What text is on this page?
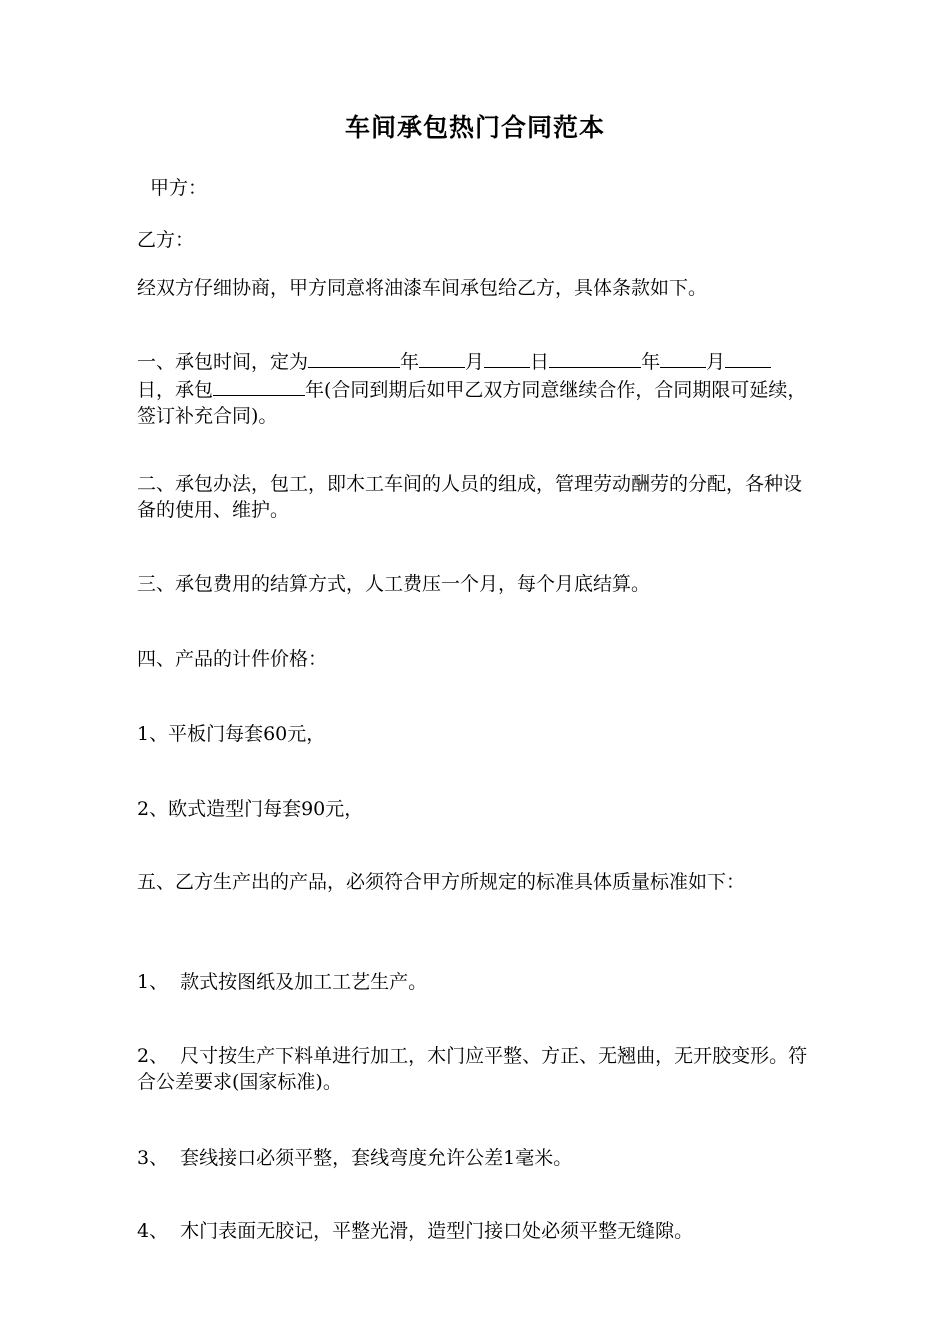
车间承包热门合同范本
甲方：
乙方：
经双方仔细协商，甲方同意将油漆车间承包给乙方，具体条款如下。
一、承包时间，定为	年 月 日	年 月
日，承包	年(合同到期后如甲乙双方同意继续合作，合同期限可延续，签订补充合同)。
二、承包办法，包工，即木工车间的人员的组成，管理劳动酬劳的分配，各种设备的使用、维护。
三、承包费用的结算方式，人工费压一个月，每个月底结算。
四、产品的计件价格：
1、平板门每套60元，
2、欧式造型门每套90元，
五、乙方生产出的产品，必须符合甲方所规定的标准具体质量标准如下：
1、  款式按图纸及加工工艺生产。
2、  尺寸按生产下料单进行加工，木门应平整、方正、无翘曲，无开胶变形。符合公差要求(国家标准)。
3、  套线接口必须平整，套线弯度允许公差1毫米。
4、  木门表面无胶记，平整光滑，造型门接口处必须平整无缝隙。
